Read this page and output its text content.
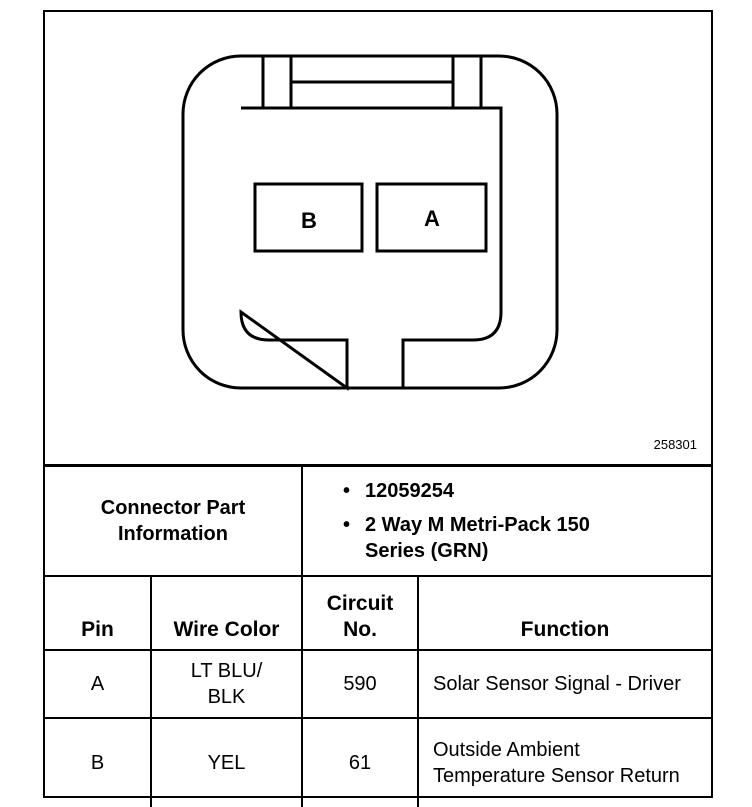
B	A
258301
Connector Part Information		• 12059254
• 2 Way M Metri-Pack 150 Series (GRN)	

Pin	Wire Color	Circuit No.	Function
A	LT BLU/ BLK	590	Solar Sensor Signal - Driver
B	YEL	61	Outside Ambient Temperature Sensor Return
